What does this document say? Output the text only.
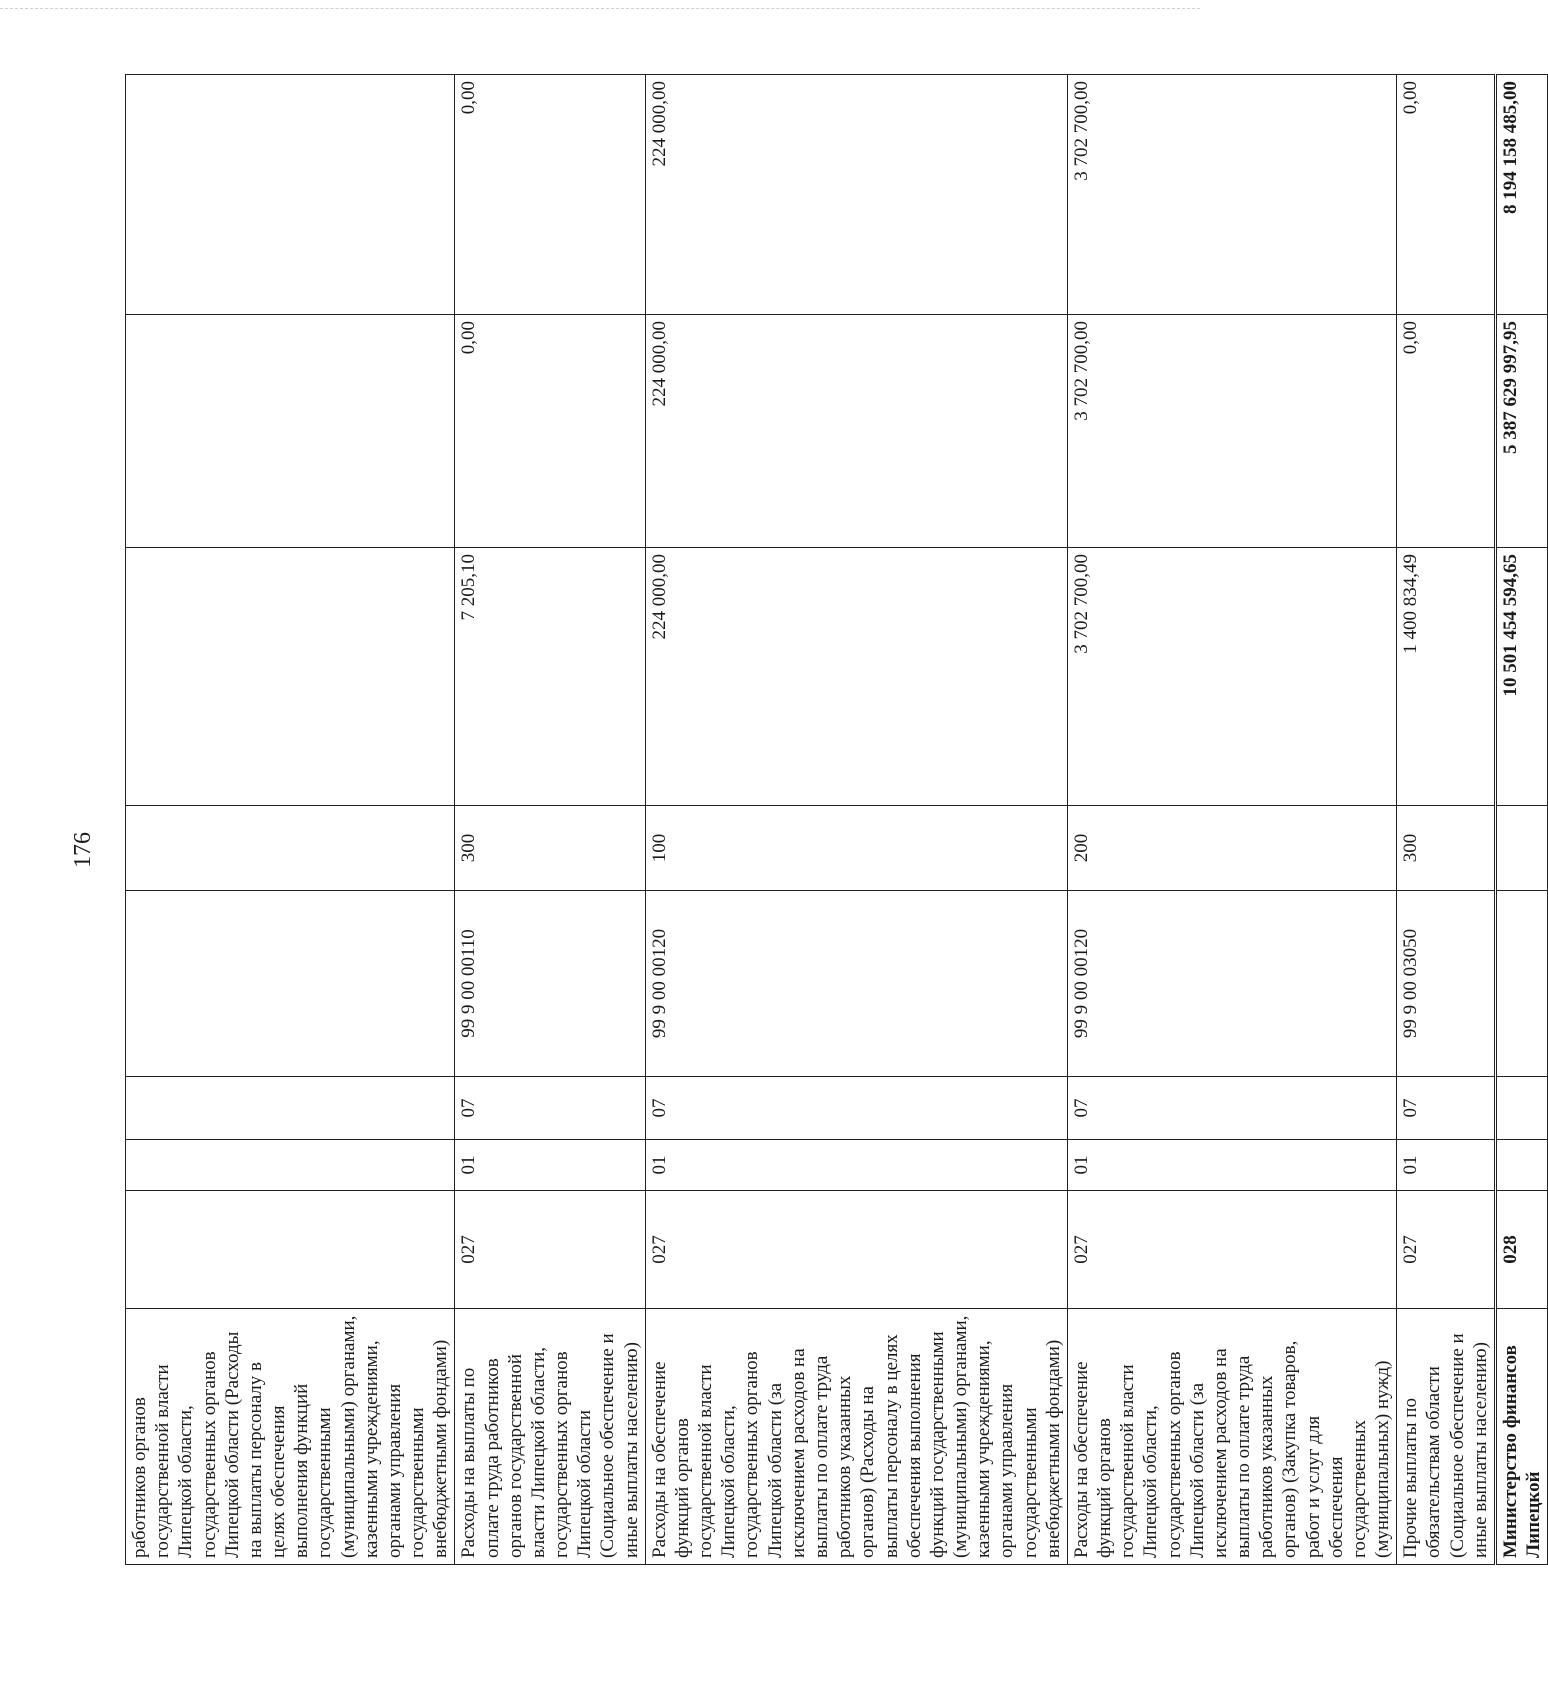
176
работников органов государственной власти Липецкой области, государственных органов Липецкой области (Расходы на выплаты персоналу в целях обеспечения выполнения функций государственными (муниципальными) органами, казенными учреждениями, органами управления государственными внебюджетными фондами)								
Расходы на выплаты по оплате труда работников органов государственной власти Липецкой области, государственных органов Липецкой области (Социальное обеспечение и иные выплаты населению)	027	01	07	99 9 00 00110	300	7 205,10	0,00	0,00
Расходы на обеспечение функций органов государственной власти Липецкой области, государственных органов Липецкой области (за исключением расходов на выплаты по оплате труда работников указанных органов) (Расходы на выплаты персоналу в целях обеспечения выполнения функций государственными (муниципальными) органами, казенными учреждениями, органами управления государственными внебюджетными фондами)	027	01	07	99 9 00 00120	100	224 000,00	224 000,00	224 000,00
Расходы на обеспечение функций органов государственной власти Липецкой области, государственных органов Липецкой области (за исключением расходов на выплаты по оплате труда работников указанных органов) (Закупка товаров, работ и услуг для обеспечения государственных (муниципальных) нужд)	027	01	07	99 9 00 00120	200	3 702 700,00	3 702 700,00	3 702 700,00
Прочие выплаты по обязательствам области (Социальное обеспечение и иные выплаты населению)	027	01	07	99 9 00 03050	300	1 400 834,49	0,00	0,00
Министерство финансов Липецкой	028					10 501 454 594,65	5 387 629 997,95	8 194 158 485,00
